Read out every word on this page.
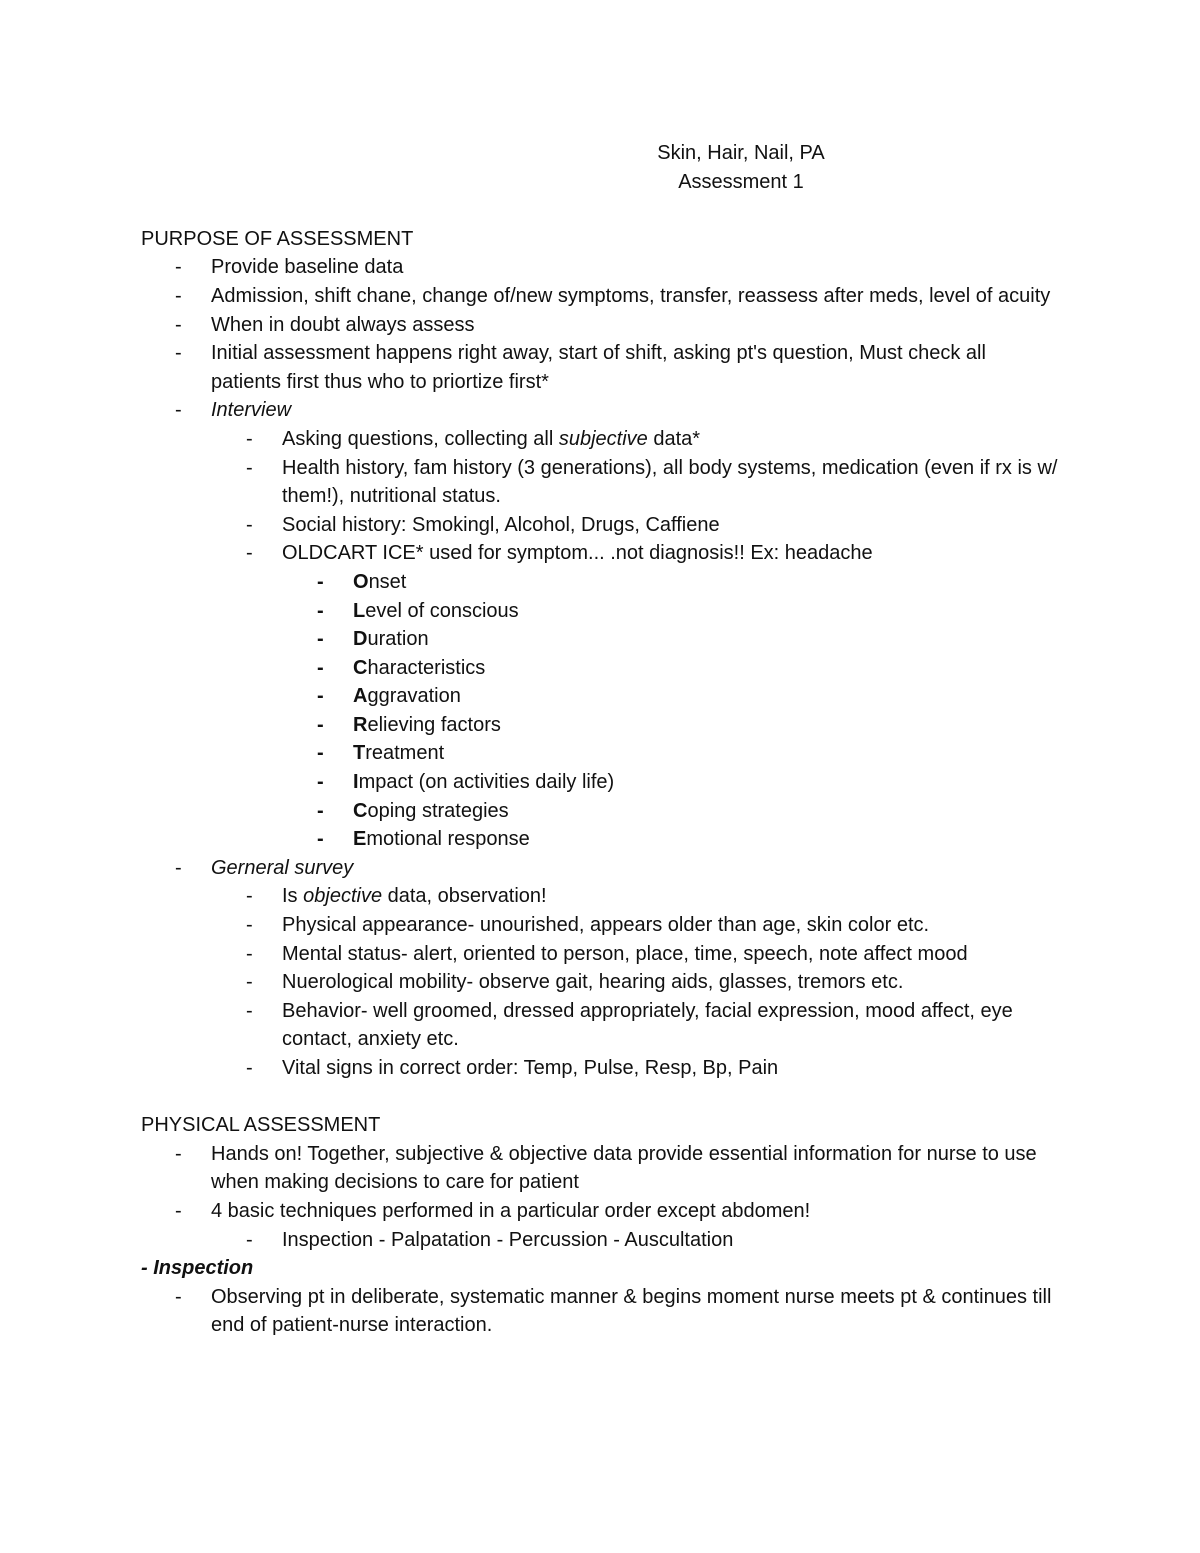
Skin, Hair, Nail, PA

Assessment 1

PURPOSE OF ASSESSMENT

-	Provide baseline data
-	Admission, shift chane, change of/new symptoms, transfer, reassess after meds, level of acuity
-	When in doubt always assess
-	Initial assessment happens right away, start of shift, asking pt's question, Must check all patients first thus who to priortize first*
-	Interview
-	Asking questions, collecting all subjective data*
-	Health history, fam history (3 generations), all body systems, medication (even if rx is w/ them!), nutritional status.
-	Social history: Smokingl, Alcohol, Drugs, Caffiene
-	OLDCART ICE* used for symptom... .not diagnosis!! Ex: headache
-	Onset
-	Level of conscious
-	Duration
-	Characteristics
-	Aggravation
-	Relieving factors
-	Treatment
-	Impact (on activities daily life)
-	Coping strategies
-	Emotional response
-	Gerneral survey
-	Is objective data, observation!
-	Physical appearance- unourished, appears older than age, skin color etc.
-	Mental status- alert, oriented to person, place, time, speech, note affect mood
-	Nuerological mobility- observe gait, hearing aids, glasses, tremors etc.
-	Behavior- well groomed, dressed appropriately, facial expression, mood affect, eye contact, anxiety etc.
-	Vital signs in correct order: Temp, Pulse, Resp, Bp, Pain

PHYSICAL ASSESSMENT

-	Hands on! Together, subjective & objective data provide essential information for nurse to use when making decisions to care for patient
-	4 basic techniques performed in a particular order except abdomen!
-	Inspection - Palpatation - Percussion - Auscultation

- Inspection

-	Observing pt in deliberate, systematic manner & begins moment nurse meets pt & continues till end of patient-nurse interaction.
